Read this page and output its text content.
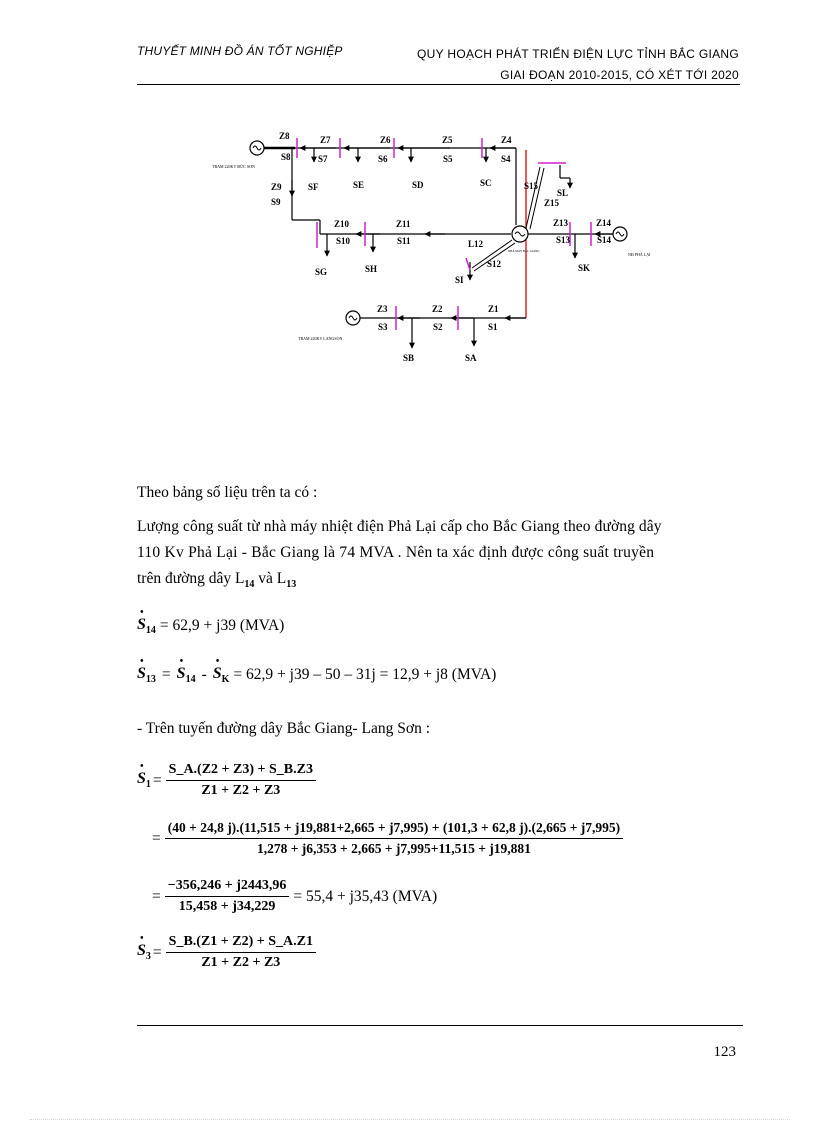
THUYẾT MINH ĐỒ ÁN TỐT NGHIỆP	QUY HOẠCH PHÁT TRIỂN ĐIỆN LỰC TỈNH BẮC GIANG
GIAI ĐOẠN 2010-2015, CÓ XÉT TỚI 2020
Z8
S8
Z7
S7
Z6
S6
Z5
S5
Z4
S4
SF	SE	SD	SC
Z9
S9
Z10
S10
Z11
S11
SG	SH
L12
S12
SI
S15
Z15
SL
Z13
S13
Z14
S14
SK
Z3
S3
Z2
S2
Z1
S1
SB	SA
TRAM 220KV ĐỨC SƠN
NĐ PHẢ LẠI
TRAM 220KV LANGSON
NHÀ MÁY BẮC GIANG
Theo bảng số liệu trên ta có :
Lượng công suất từ nhà máy nhiệt điện Phả Lại cấp cho Bắc Giang theo đường dây
110 Kv Phả Lại - Bắc Giang là 74 MVA . Nên ta xác định được công suất truyền
trên đường dây $L_{14}$ và $L_{13}$
• $S_{14} = 62,9 + j39$ (MVA)
• $S_{13}$ = • $S_{14}$ - • $S_K = 62,9 + j39 - 50 - 31j = 12,9 + j8$ (MVA)
- Trên tuyến đường dây Bắc Giang- Lang Sơn :
• $S_1 = \frac{S\_A.(Z2 + Z3) + S\_B.Z3}{Z1 + Z2 + Z3}$
=
(40 + 24,8 j).(11,515 + j19,881+2,665 + j7,995) + (101,3 + 62,8 j).(2,665 + j7,995)
1,278 + j6,353 + 2,665 + j7,995+11,515 + j19,881
= $\frac{-356,246 + j2443,96}{15,458 + j34,229} = 55,4 + j35,43$ (MVA)
• $S_3 = \frac{S\_B.(Z1 + Z2) + S\_A.Z1}{Z1 + Z2 + Z3}$
123
